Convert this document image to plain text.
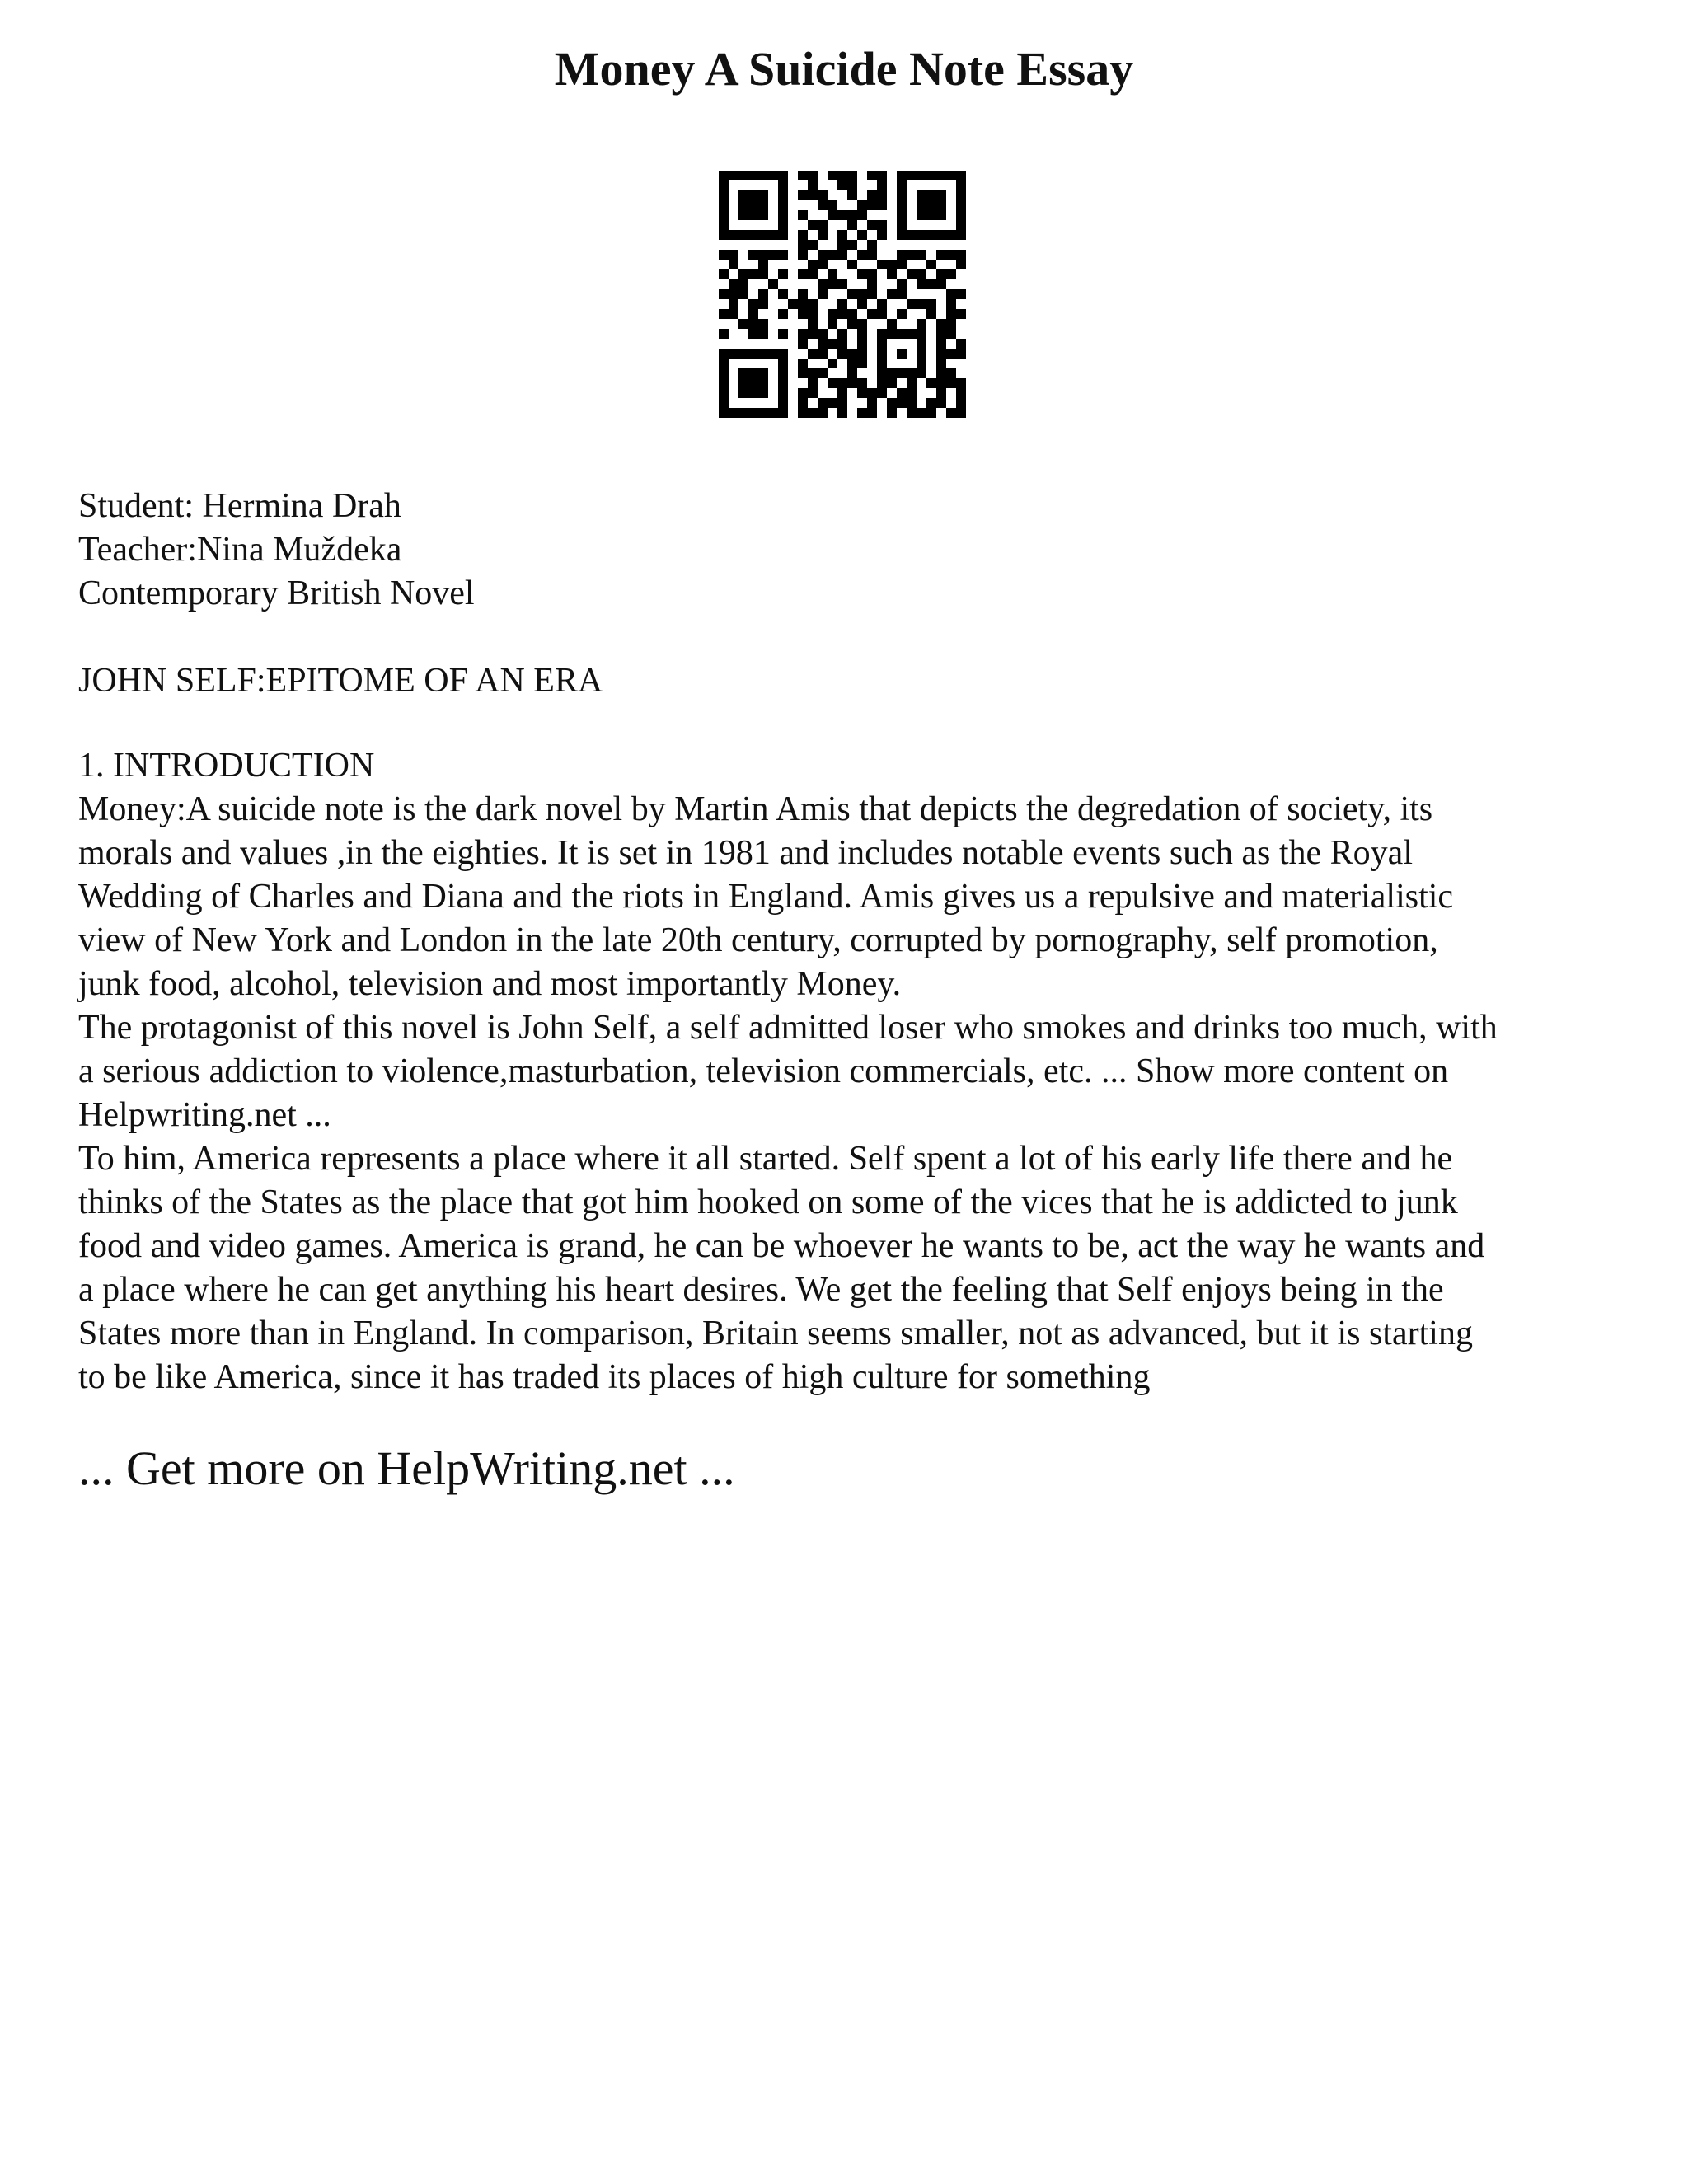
Money A Suicide Note Essay
Student: Hermina Drah
Teacher:Nina Muždeka
Contemporary British Novel
JOHN SELF:EPITOME OF AN ERA
1. INTRODUCTION
Money:A suicide note is the dark novel by Martin Amis that depicts the degredation of society, its
morals and values ,in the eighties. It is set in 1981 and includes notable events such as the Royal
Wedding of Charles and Diana and the riots in England. Amis gives us a repulsive and materialistic
view of New York and London in the late 20th century, corrupted by pornography, self promotion,
junk food, alcohol, television and most importantly Money.
The protagonist of this novel is John Self, a self admitted loser who smokes and drinks too much, with
a serious addiction to violence,masturbation, television commercials, etc. ... Show more content on
Helpwriting.net ...
To him, America represents a place where it all started. Self spent a lot of his early life there and he
thinks of the States as the place that got him hooked on some of the vices that he is addicted to junk
food and video games. America is grand, he can be whoever he wants to be, act the way he wants and
a place where he can get anything his heart desires. We get the feeling that Self enjoys being in the
States more than in England. In comparison, Britain seems smaller, not as advanced, but it is starting
to be like America, since it has traded its places of high culture for something
... Get more on HelpWriting.net ...
